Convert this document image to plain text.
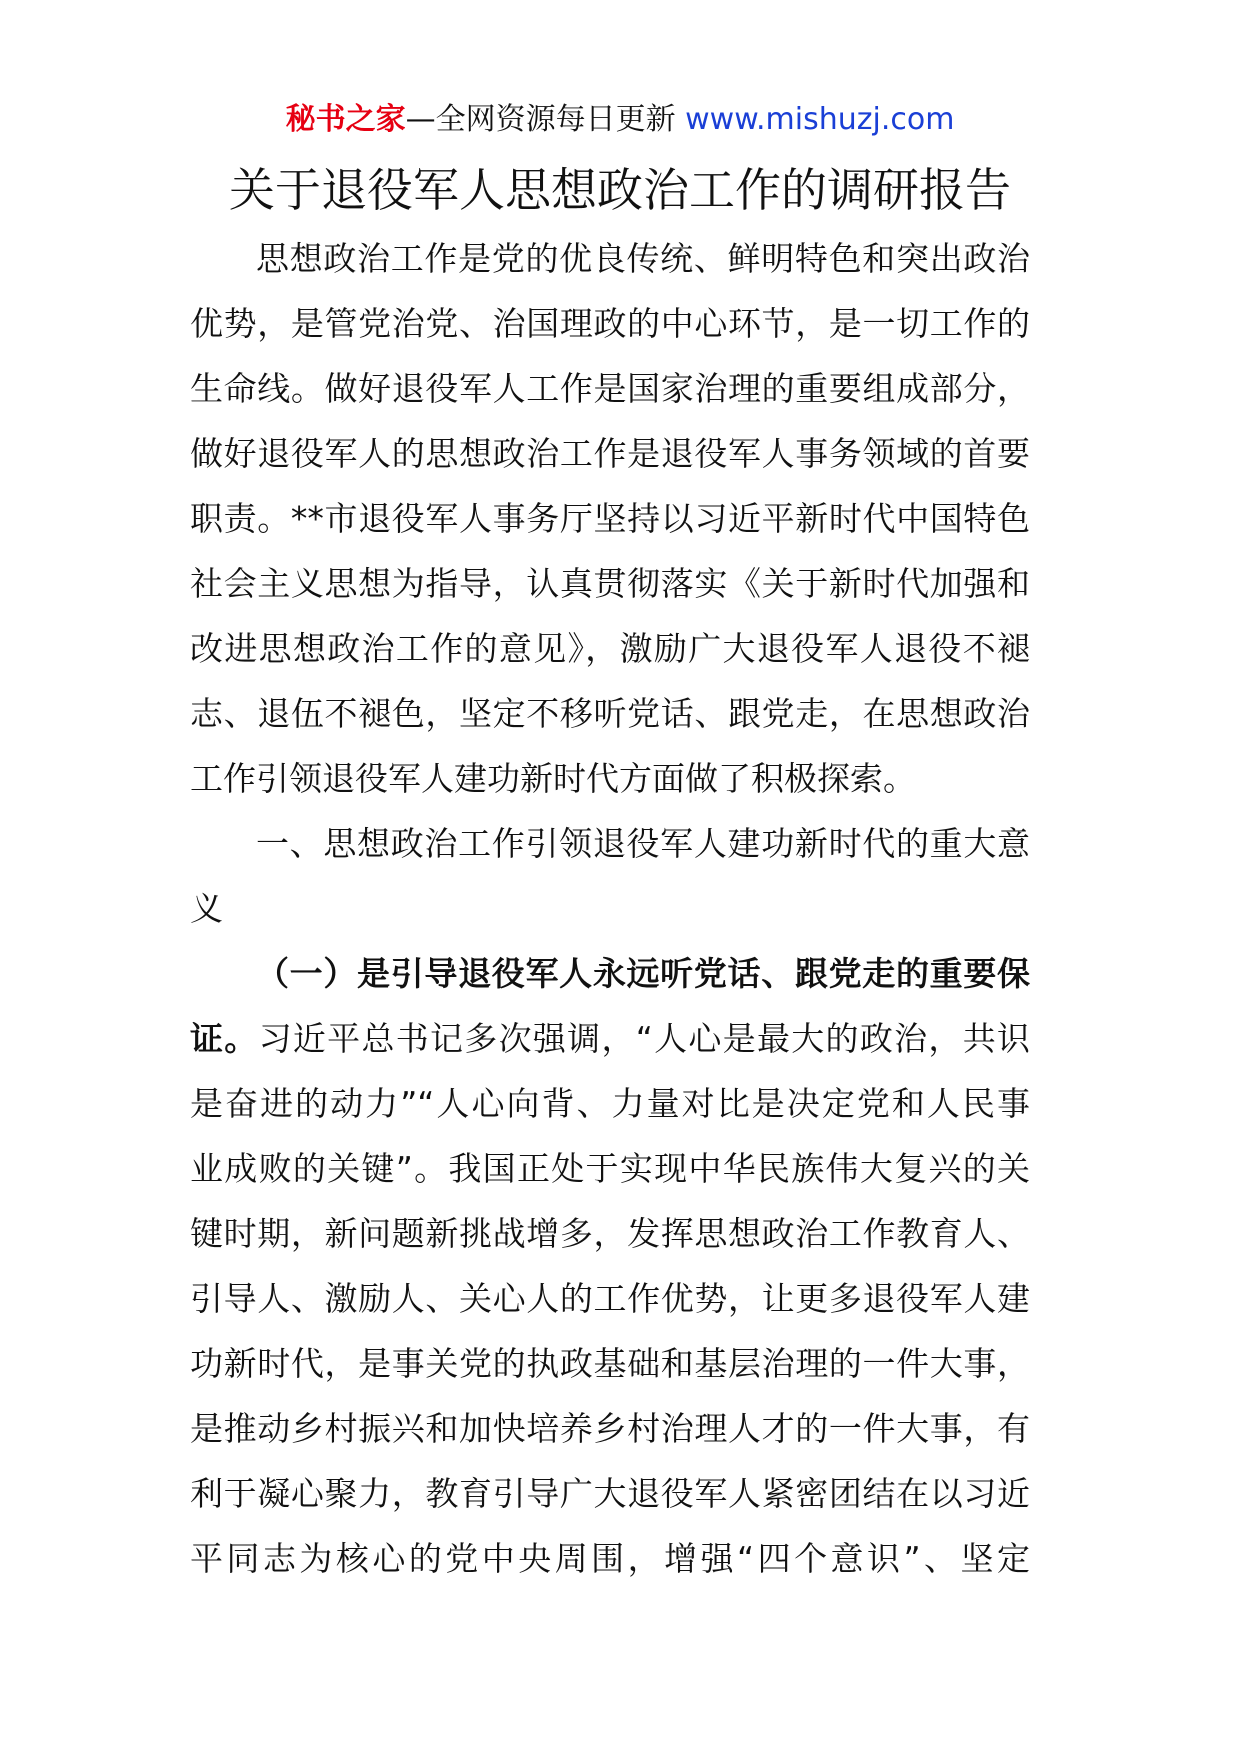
秘书之家—全网资源每日更新 www.mishuzj.com
关于退役军人思想政治工作的调研报告
思想政治工作是党的优良传统、鲜明特色和突出政治
优势，是管党治党、治国理政的中心环节，是一切工作的
生命线。做好退役军人工作是国家治理的重要组成部分，
做好退役军人的思想政治工作是退役军人事务领域的首要
职责。**市退役军人事务厅坚持以习近平新时代中国特色
社会主义思想为指导，认真贯彻落实《关于新时代加强和
改进思想政治工作的意见》，激励广大退役军人退役不褪
志、退伍不褪色，坚定不移听党话、跟党走，在思想政治
工作引领退役军人建功新时代方面做了积极探索。
一、思想政治工作引领退役军人建功新时代的重大意
义
（一）是引导退役军人永远听党话、跟党走的重要保
证。习近平总书记多次强调，“人心是最大的政治，共识
是奋进的动力”“人心向背、力量对比是决定党和人民事
业成败的关键”。我国正处于实现中华民族伟大复兴的关
键时期，新问题新挑战增多，发挥思想政治工作教育人、
引导人、激励人、关心人的工作优势，让更多退役军人建
功新时代，是事关党的执政基础和基层治理的一件大事，
是推动乡村振兴和加快培养乡村治理人才的一件大事，有
利于凝心聚力，教育引导广大退役军人紧密团结在以习近
平同志为核心的党中央周围，增强“四个意识”、坚定
